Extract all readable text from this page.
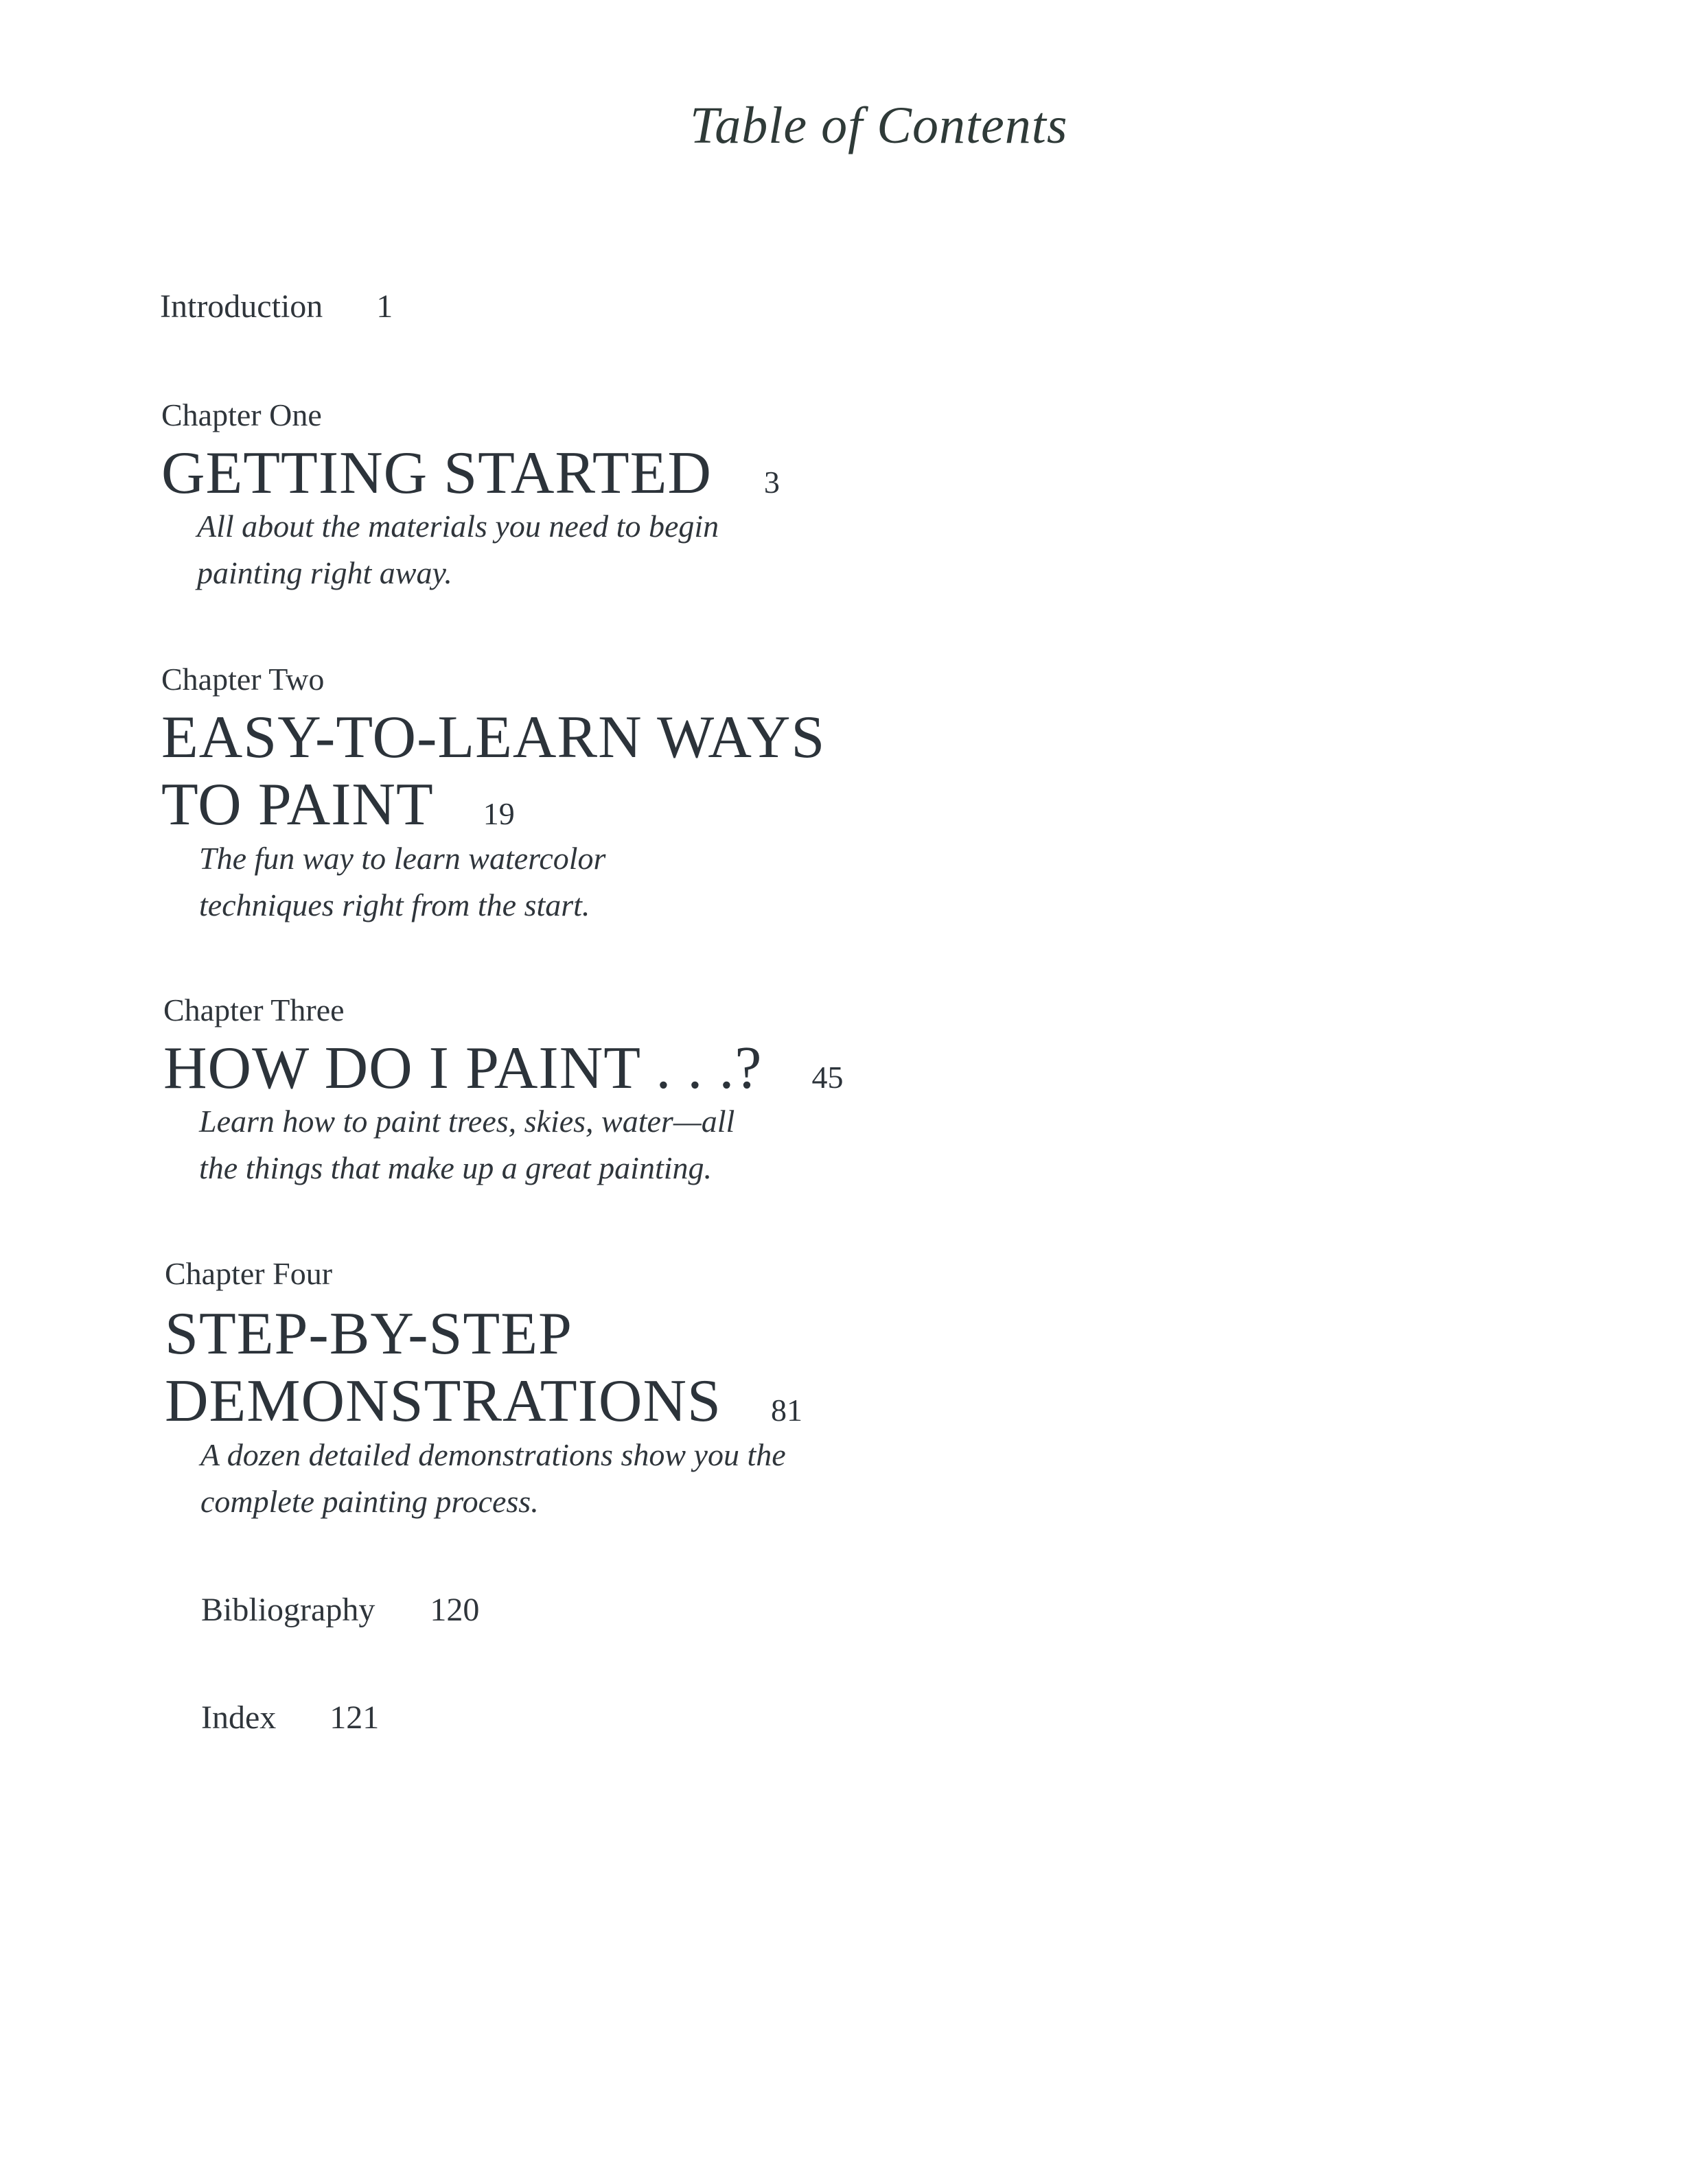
Table of Contents
Introduction 1
Chapter One
GETTING STARTED 3
All about the materials you need to begin
painting right away.
Chapter Two
EASY-TO-LEARN WAYS
TO PAINT 19
The fun way to learn watercolor
techniques right from the start.
Chapter Three
HOW DO I PAINT . . .? 45
Learn how to paint trees, skies, water—all
the things that make up a great painting.
Chapter Four
STEP-BY-STEP
DEMONSTRATIONS 81
A dozen detailed demonstrations show you the
complete painting process.
Bibliography 120
Index 121
